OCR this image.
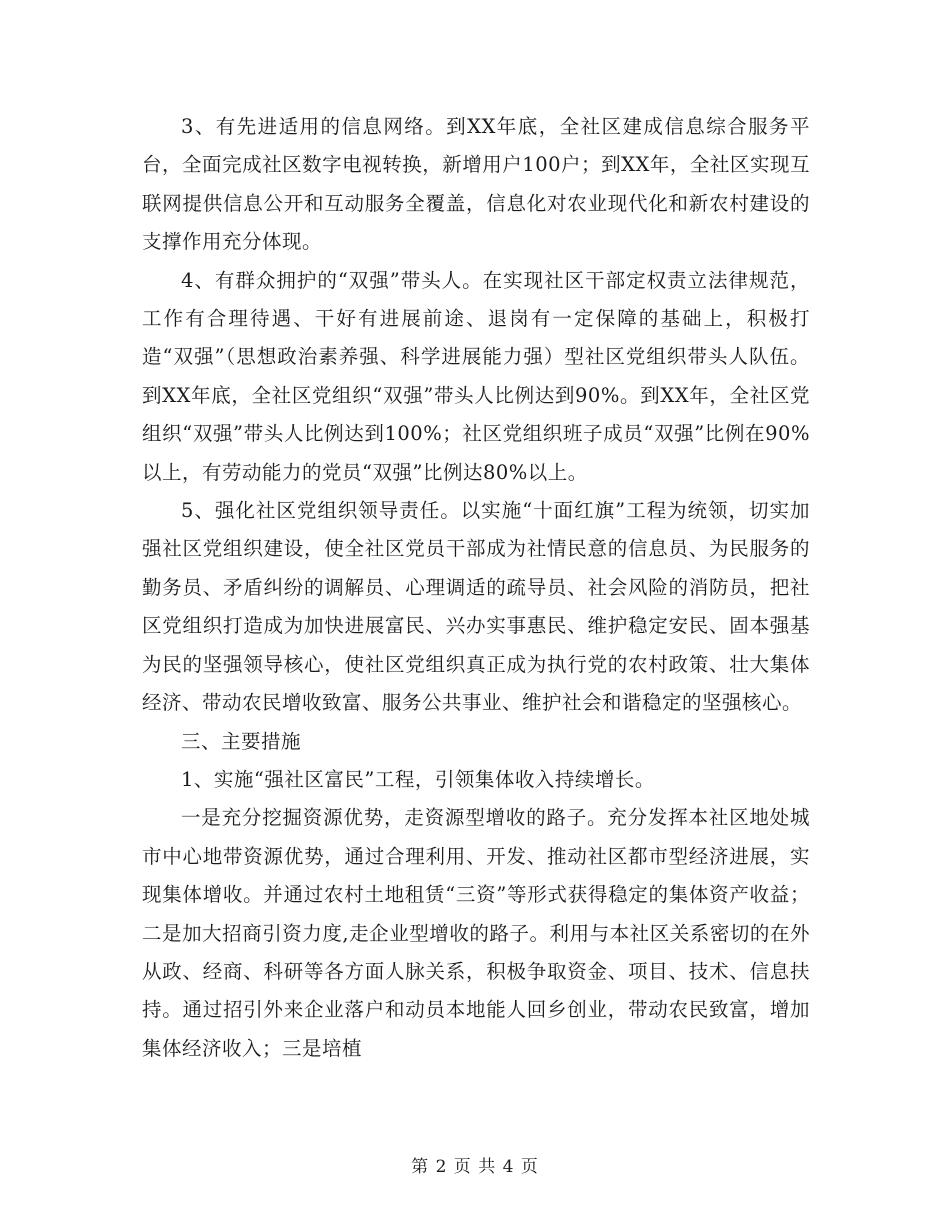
3、有先进适用的信息网络。到XX年底，全社区建成信息综合服务平台，全面完成社区数字电视转换，新增用户100户；到XX年，全社区实现互联网提供信息公开和互动服务全覆盖，信息化对农业现代化和新农村建设的支撑作用充分体现。

4、有群众拥护的“双强”带头人。在实现社区干部定权责立法律规范，工作有合理待遇、干好有进展前途、退岗有一定保障的基础上，积极打造“双强”（思想政治素养强、科学进展能力强）型社区党组织带头人队伍。到XX年底，全社区党组织“双强”带头人比例达到90%。到XX年，全社区党组织“双强”带头人比例达到100%；社区党组织班子成员“双强”比例在90%以上，有劳动能力的党员“双强”比例达80%以上。

5、强化社区党组织领导责任。以实施“十面红旗”工程为统领，切实加强社区党组织建设，使全社区党员干部成为社情民意的信息员、为民服务的勤务员、矛盾纠纷的调解员、心理调适的疏导员、社会风险的消防员，把社区党组织打造成为加快进展富民、兴办实事惠民、维护稳定安民、固本强基为民的坚强领导核心，使社区党组织真正成为执行党的农村政策、壮大集体经济、带动农民增收致富、服务公共事业、维护社会和谐稳定的坚强核心。

三、主要措施

1、实施“强社区富民”工程，引领集体收入持续增长。

一是充分挖掘资源优势，走资源型增收的路子。充分发挥本社区地处城市中心地带资源优势，通过合理利用、开发、推动社区都市型经济进展，实现集体增收。并通过农村土地租赁“三资”等形式获得稳定的集体资产收益；二是加大招商引资力度,走企业型增收的路子。利用与本社区关系密切的在外从政、经商、科研等各方面人脉关系，积极争取资金、项目、技术、信息扶持。通过招引外来企业落户和动员本地能人回乡创业，带动农民致富，增加集体经济收入；三是培植

第 2 页 共 4 页
